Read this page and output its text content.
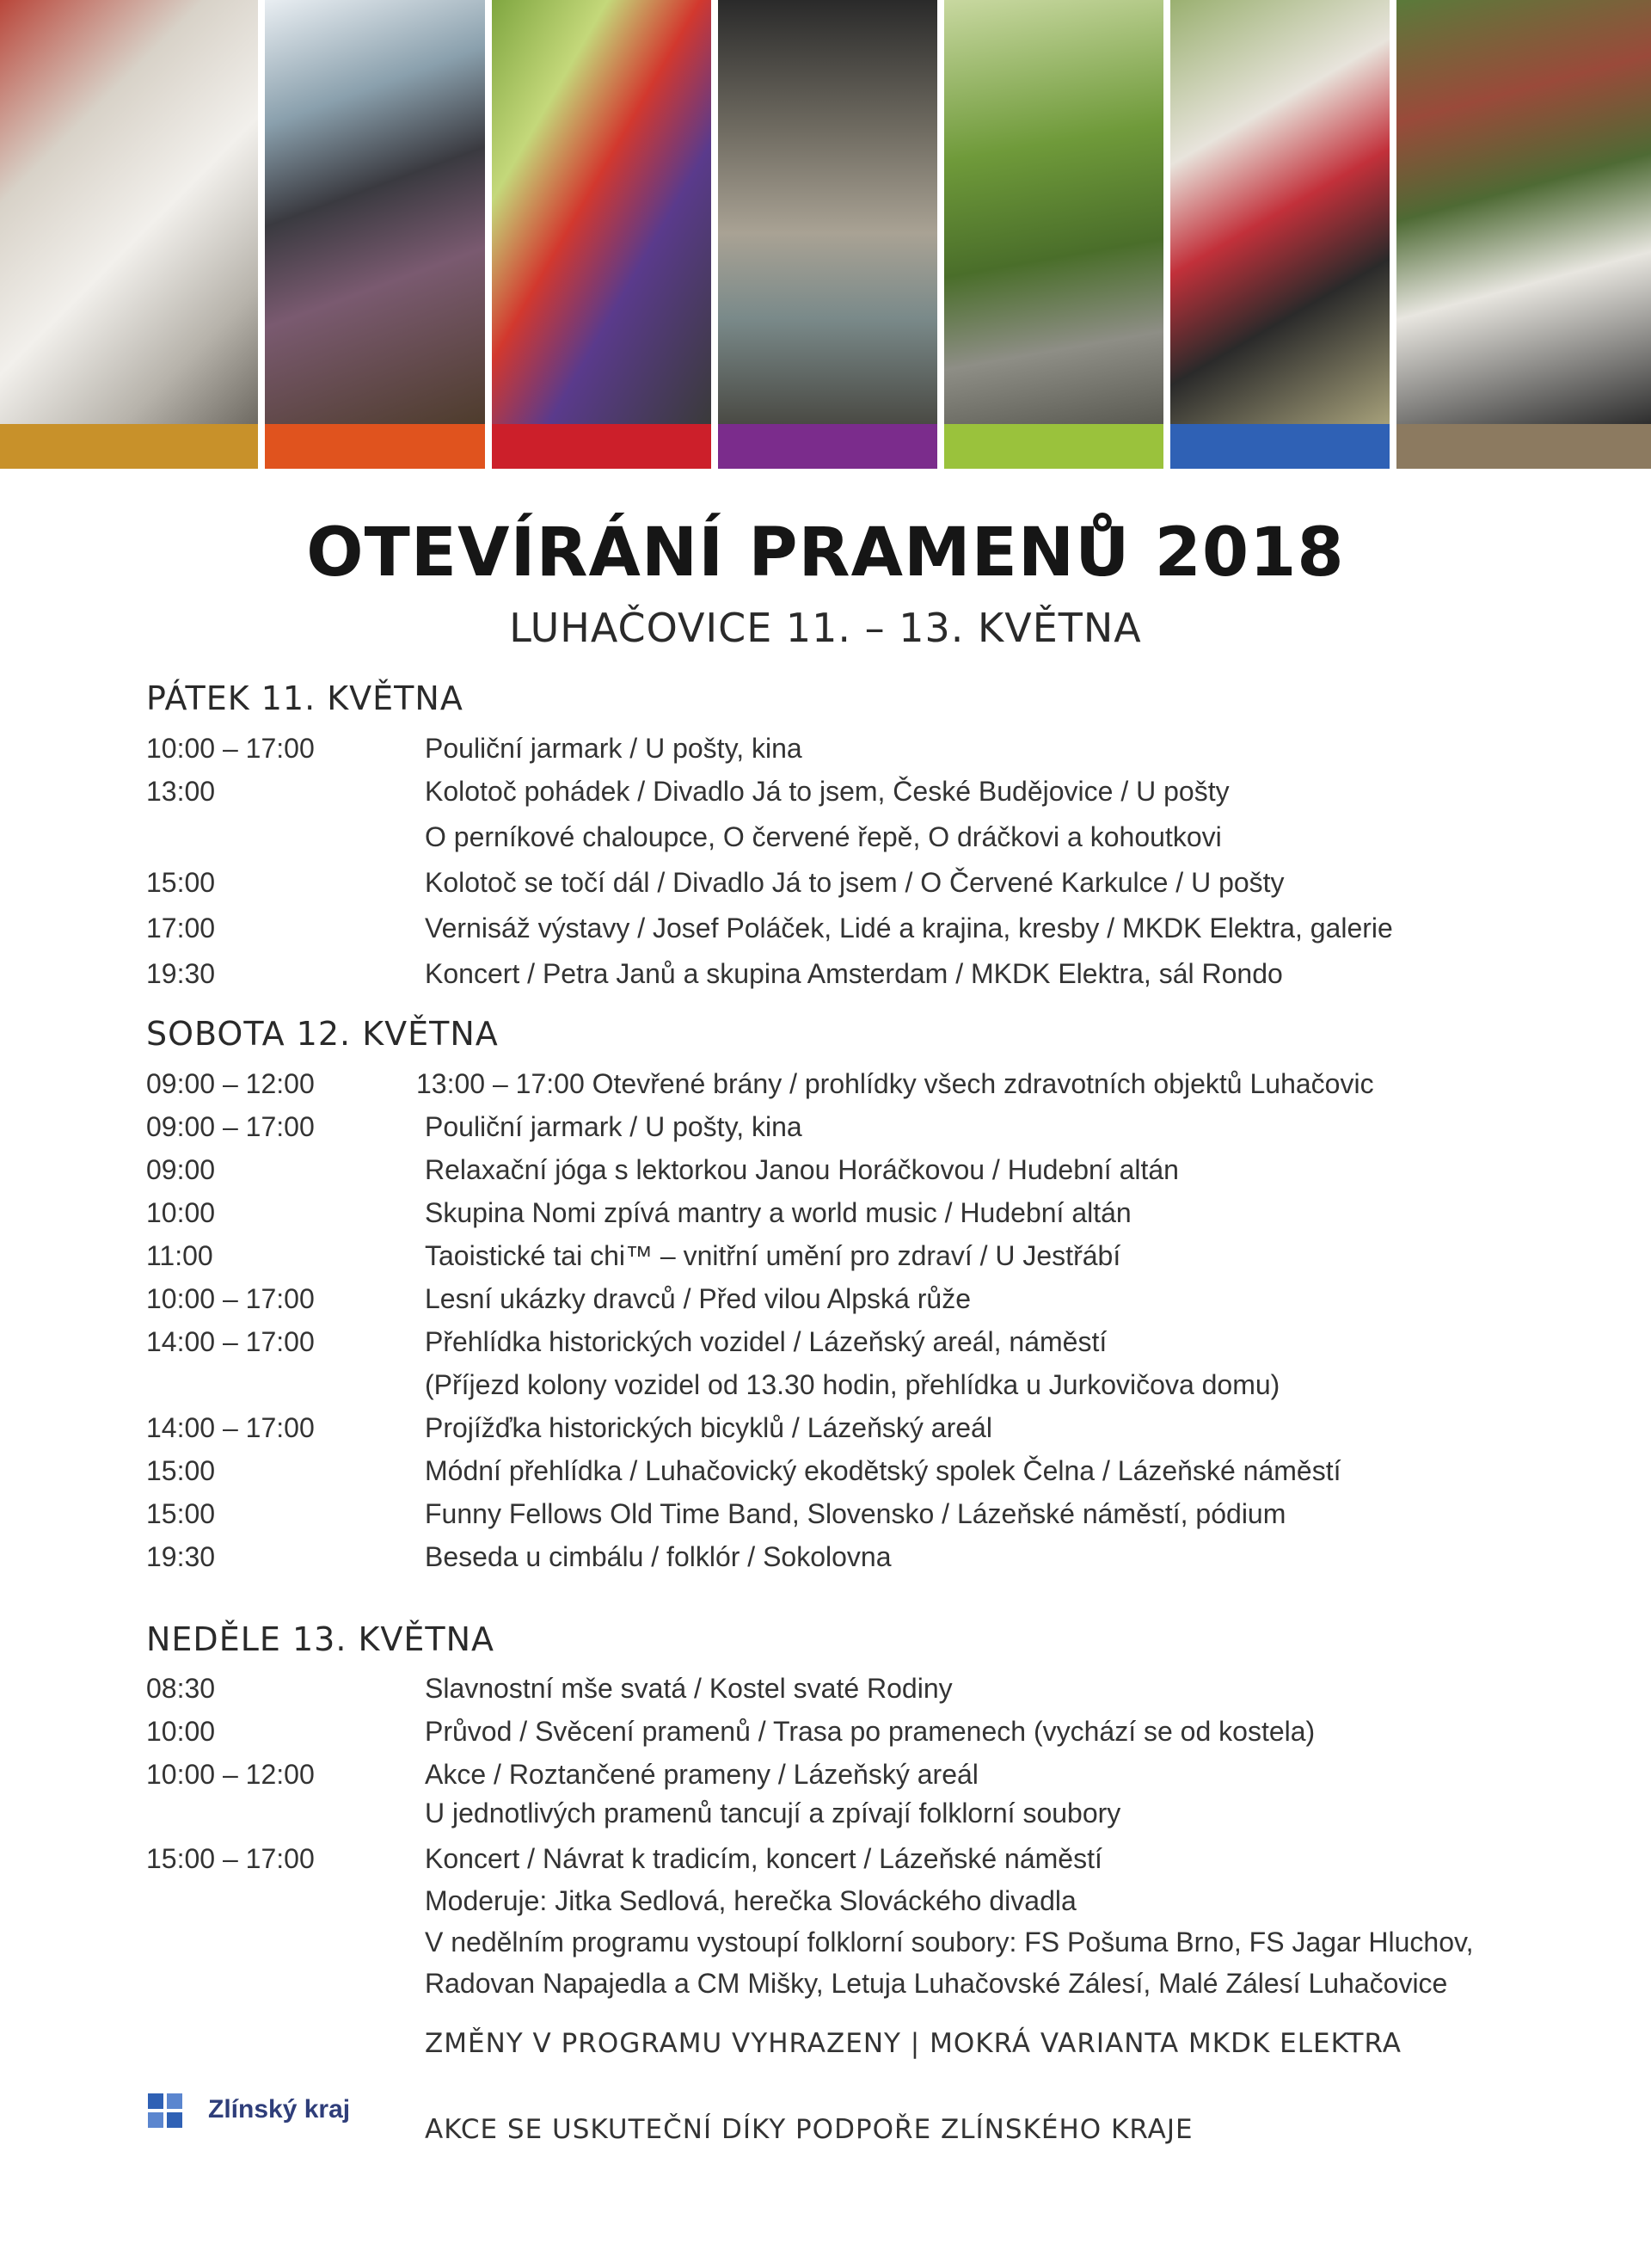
OTEVÍRÁNÍ PRAMENŮ 2018
LUHAČOVICE 11. – 13. KVĚTNA
PÁTEK 11. KVĚTNA
10:00 – 17:00	Pouliční jarmark / U pošty, kina
13:00	Kolotoč pohádek / Divadlo Já to jsem, České Budějovice / U pošty
O perníkové chaloupce, O červené řepě, O dráčkovi a kohoutkovi
15:00	Kolotoč se točí dál / Divadlo Já to jsem / O Červené Karkulce / U pošty
17:00	Vernisáž výstavy / Josef Poláček, Lidé a krajina, kresby / MKDK Elektra, galerie
19:30	Koncert / Petra Janů a skupina Amsterdam / MKDK Elektra, sál Rondo
SOBOTA 12. KVĚTNA
09:00 – 12:00	13:00 – 17:00 Otevřené brány / prohlídky všech zdravotních objektů Luhačovic
09:00 – 17:00	Pouliční jarmark / U pošty, kina
09:00	Relaxační jóga s lektorkou Janou Horáčkovou / Hudební altán
10:00	Skupina Nomi zpívá mantry a world music / Hudební altán
11:00	Taoistické tai chi™ – vnitřní umění pro zdraví / U Jestřábí
10:00 – 17:00	Lesní ukázky dravců / Před vilou Alpská růže
14:00 – 17:00	Přehlídka historických vozidel / Lázeňský areál, náměstí
(Příjezd kolony vozidel od 13.30 hodin, přehlídka u Jurkovičova domu)
14:00 – 17:00	Projížďka historických bicyklů / Lázeňský areál
15:00	Módní přehlídka / Luhačovický ekodětský spolek Čelna / Lázeňské náměstí
15:00	Funny Fellows Old Time Band, Slovensko / Lázeňské náměstí, pódium
19:30	Beseda u cimbálu / folklór / Sokolovna
NEDĚLE 13. KVĚTNA
08:30	Slavnostní mše svatá / Kostel svaté Rodiny
10:00	Průvod / Svěcení pramenů / Trasa po pramenech (vychází se od kostela)
10:00 – 12:00	Akce / Roztančené prameny / Lázeňský areál
U jednotlivých pramenů tancují a zpívají folklorní soubory
15:00 – 17:00	Koncert / Návrat k tradicím, koncert / Lázeňské náměstí
Moderuje: Jitka Sedlová, herečka Slováckého divadla
V nedělním programu vystoupí folklorní soubory: FS Pošuma Brno, FS Jagar Hluchov,
Radovan Napajedla a CM Mišky, Letuja Luhačovské Zálesí, Malé Zálesí Luhačovice
ZMĚNY V PROGRAMU VYHRAZENY | MOKRÁ VARIANTA MKDK ELEKTRA
Zlínský kraj
AKCE SE USKUTEČNÍ DÍKY PODPOŘE ZLÍNSKÉHO KRAJE
